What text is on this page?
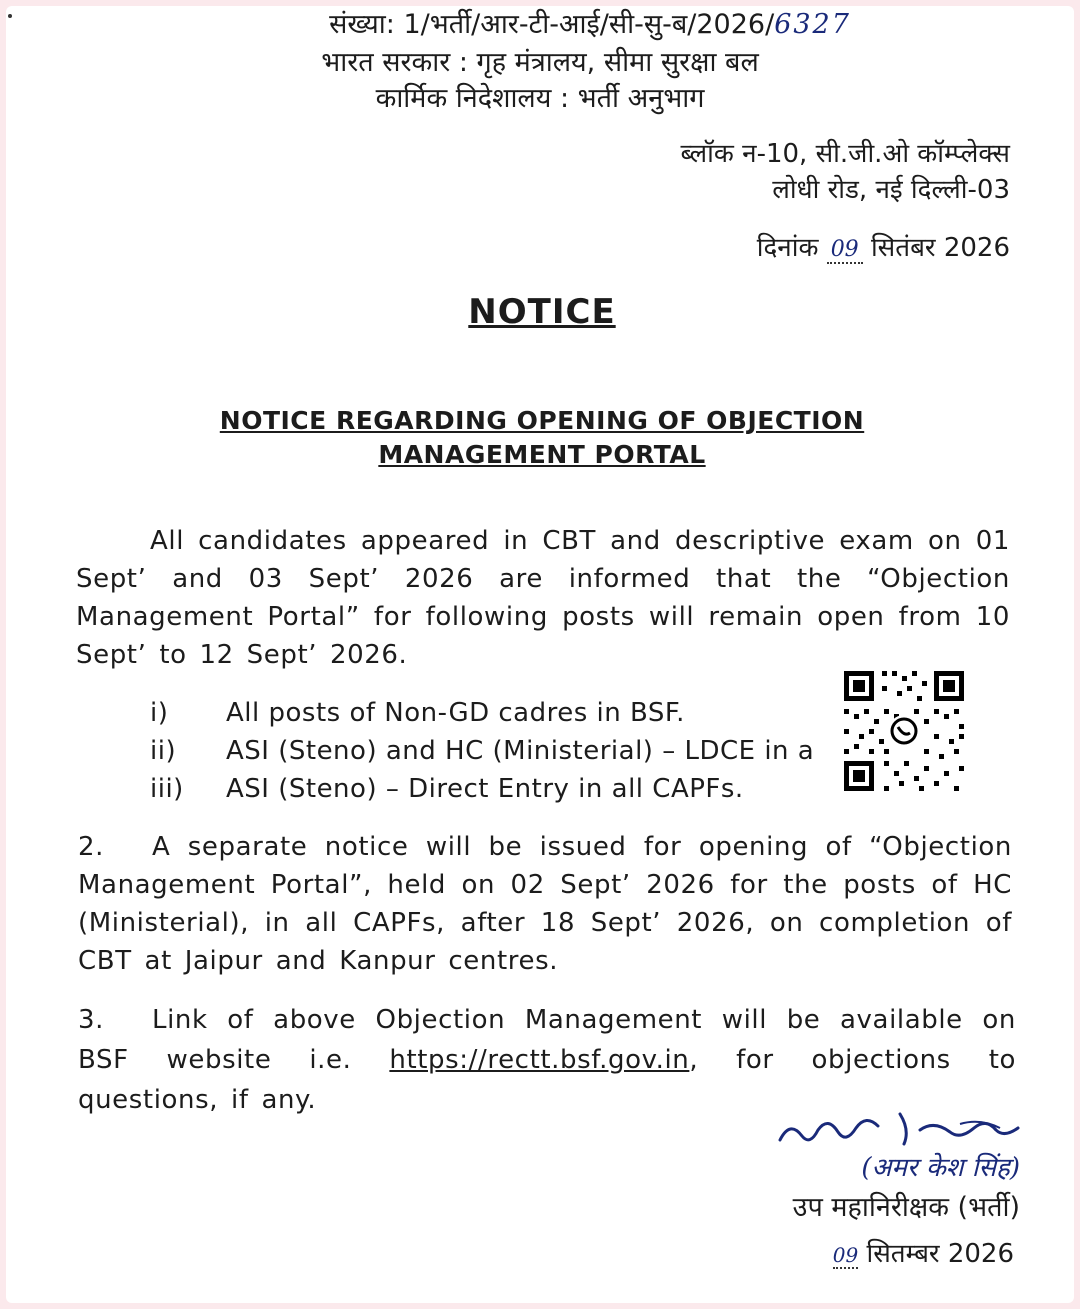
संख्या: 1/भर्ती/आर-टी-आई/सी-सु-ब/2026/6327
भारत सरकार : गृह मंत्रालय, सीमा सुरक्षा बल
कार्मिक निदेशालय : भर्ती अनुभाग
ब्लॉक न-10, सी.जी.ओ कॉम्प्लेक्स
लोधी रोड, नई दिल्ली-03
दिनांक 09 सितंबर 2026
NOTICE
NOTICE REGARDING OPENING OF OBJECTION
MANAGEMENT PORTAL
All candidates appeared in CBT and descriptive exam on 01 Sept’ and 03 Sept’ 2026 are informed that the “Objection Management Portal” for following posts will remain open from 10 Sept’ to 12 Sept’ 2026.
i)	All posts of Non-GD cadres in BSF.
ii)	ASI (Steno) and HC (Ministerial) – LDCE in a
iii)	ASI (Steno) – Direct Entry in all CAPFs.
2. A separate notice will be issued for opening of “Objection Management Portal”, held on 02 Sept’ 2026 for the posts of HC (Ministerial), in all CAPFs, after 18 Sept’ 2026, on completion of CBT at Jaipur and Kanpur centres.
3. Link of above Objection Management will be available on BSF website i.e. https://rectt.bsf.gov.in, for objections to questions, if any.
(अमर केश सिंह)
उप महानिरीक्षक (भर्ती)
09 सितम्बर 2026
